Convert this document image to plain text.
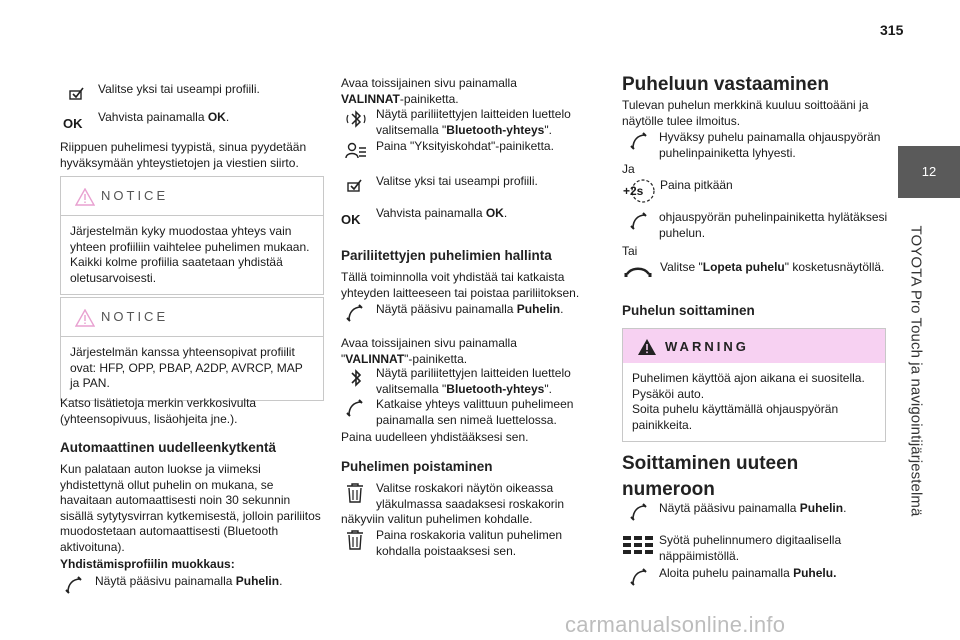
315
12
TOYOTA Pro Touch ja navigointijärjestelmä
Valitse yksi tai useampi profiili.
OK	Vahvista painamalla OK.
Riippuen puhelimesi tyypistä, sinua pyydetään hyväksymään yhteystietojen ja viestien siirto.
NOTICE
Järjestelmän kyky muodostaa yhteys vain yhteen profiiliin vaihtelee puhelimen mukaan. Kaikki kolme profiilia saatetaan yhdistää oletusarvoisesti.
NOTICE
Järjestelmän kanssa yhteensopivat profiilit ovat: HFP, OPP, PBAP, A2DP, AVRCP, MAP ja PAN.
Katso lisätietoja merkin verkkosivulta (yhteensopivuus, lisäohjeita jne.).
Automaattinen uudelleenkytkentä
Kun palataan auton luokse ja viimeksi yhdistettynä ollut puhelin on mukana, se havaitaan automaattisesti noin 30 sekunnin sisällä sytytysvirran kytkemisestä, jolloin pariliitos muodostetaan automaattisesti (Bluetooth aktivoituna).
Yhdistämisprofiilin muokkaus:
Näytä pääsivu painamalla Puhelin.
Avaa toissijainen sivu painamalla
VALINNAT-painiketta.
Näytä pariliitettyjen laitteiden luettelo valitsemalla "Bluetooth-yhteys".
Paina "Yksityiskohdat"-painiketta.
Valitse yksi tai useampi profiili.
OK	Vahvista painamalla OK.
Pariliitettyjen puhelimien hallinta
Tällä toiminnolla voit yhdistää tai katkaista yhteyden laitteeseen tai poistaa pariliitoksen.
Näytä pääsivu painamalla Puhelin.
Avaa toissijainen sivu painamalla
"VALINNAT"-painiketta.
Näytä pariliitettyjen laitteiden luettelo valitsemalla "Bluetooth-yhteys".
Katkaise yhteys valittuun puhelimeen painamalla sen nimeä luettelossa.
Paina uudelleen yhdistääksesi sen.
Puhelimen poistaminen
Valitse roskakori näytön oikeassa yläkulmassa saadaksesi roskakorin
näkyviin valitun puhelimen kohdalle.
Paina roskakoria valitun puhelimen kohdalla poistaaksesi sen.
Puheluun vastaaminen
Tulevan puhelun merkkinä kuuluu soittoääni ja näytölle tulee ilmoitus.
Hyväksy puhelu painamalla ohjauspyörän puhelinpainiketta lyhyesti.
Ja
+2s Paina pitkään
ohjauspyörän puhelinpainiketta hylätäksesi puhelun.
Tai
Valitse "Lopeta puhelu" kosketusnäytöllä.
Puhelun soittaminen
WARNING
Puhelimen käyttöä ajon aikana ei suositella.
Pysäköi auto.
Soita puhelu käyttämällä ohjauspyörän painikkeita.
Soittaminen uuteen
numeroon
Näytä pääsivu painamalla Puhelin.
Syötä puhelinnumero digitaalisella näppäimistöllä.
Aloita puhelu painamalla Puhelu.
carmanualsonline.info
